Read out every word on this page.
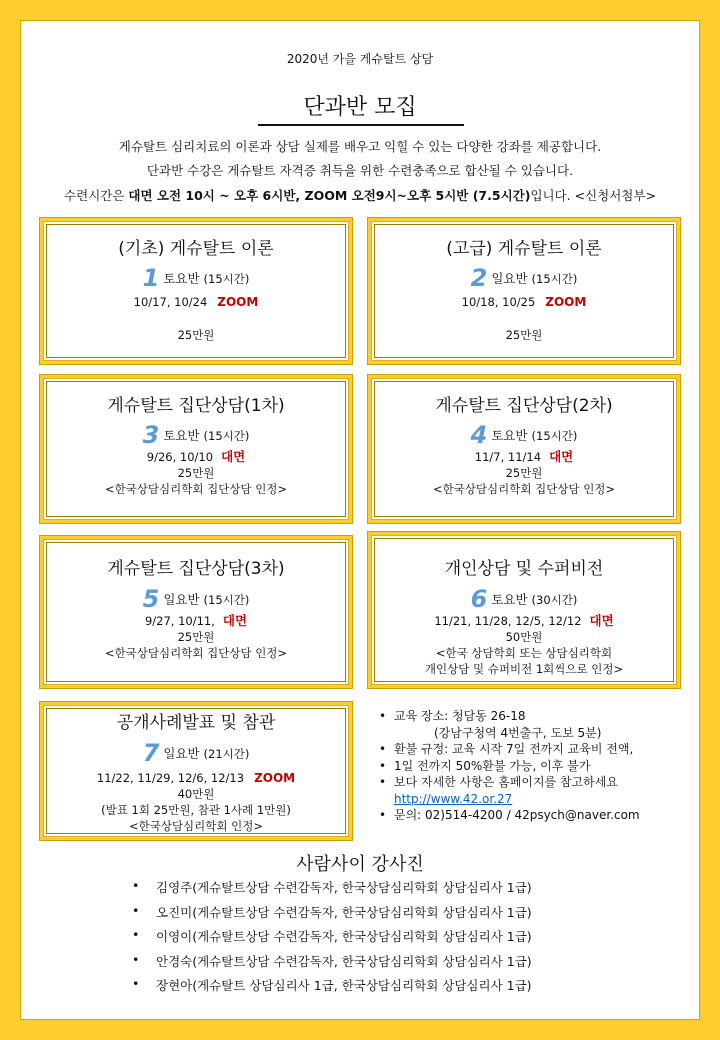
2020년 가을 게슈탈트 상담
단과반 모집
게슈탈트 심리치료의 이론과 상담 실제를 배우고 익힐 수 있는 다양한 강좌를 제공합니다.
단과반 수강은 게슈탈트 자격증 취득을 위한 수련충족으로 합산될 수 있습니다.
수련시간은 대면 오전 10시 ~ 오후 6시반, ZOOM 오전9시~오후 5시반 (7.5시간)입니다. <신청서첨부>
(기초) 게슈탈트 이론
1 토요반 (15시간)
10/17, 10/24 ZOOM
25만원
(고급) 게슈탈트 이론
2 일요반 (15시간)
10/18, 10/25 ZOOM
25만원
게슈탈트 집단상담(1차)
3 토요반 (15시간)
9/26, 10/10 대면
25만원
<한국상담심리학회 집단상담 인정>
게슈탈트 집단상담(2차)
4 토요반 (15시간)
11/7, 11/14 대면
25만원
<한국상담심리학회 집단상담 인정>
게슈탈트 집단상담(3차)
5 일요반 (15시간)
9/27, 10/11, 대면
25만원
<한국상담심리학회 집단상담 인정>
개인상담 및 수퍼비전
6 토요반 (30시간)
11/21, 11/28, 12/5, 12/12 대면
50만원
<한국 상담학회 또는 상담심리학회
개인상담 및 슈퍼비전 1회씩으로 인정>
공개사례발표 및 참관
7 일요반 (21시간)
11/22, 11/29, 12/6, 12/13 ZOOM
40만원
(발표 1회 25만원, 참관 1사례 1만원)
<한국상담심리학회 인정>
• 교육 장소: 청담동 26-18
(강남구청역 4번출구, 도보 5분)
• 환불 규정: 교육 시작 7일 전까지 교육비 전액,
• 1일 전까지 50%환불 가능, 이후 불가
• 보다 자세한 사항은 홈페이지를 참고하세요
http://www.42.or.27
• 문의: 02)514-4200 / 42psych@naver.com
사람사이 강사진
• 김영주(게슈탈트상담 수련감독자, 한국상담심리학회 상담심리사 1급)
• 오진미(게슈탈트상담 수련감독자, 한국상담심리학회 상담심리사 1급)
• 이영이(게슈탈트상담 수련감독자, 한국상담심리학회 상담심리사 1급)
• 안경숙(게슈탈트상담 수련감독자, 한국상담심리학회 상담심리사 1급)
• 장현아(게슈탈트 상담심리사 1급, 한국상담심리학회 상담심리사 1급)
